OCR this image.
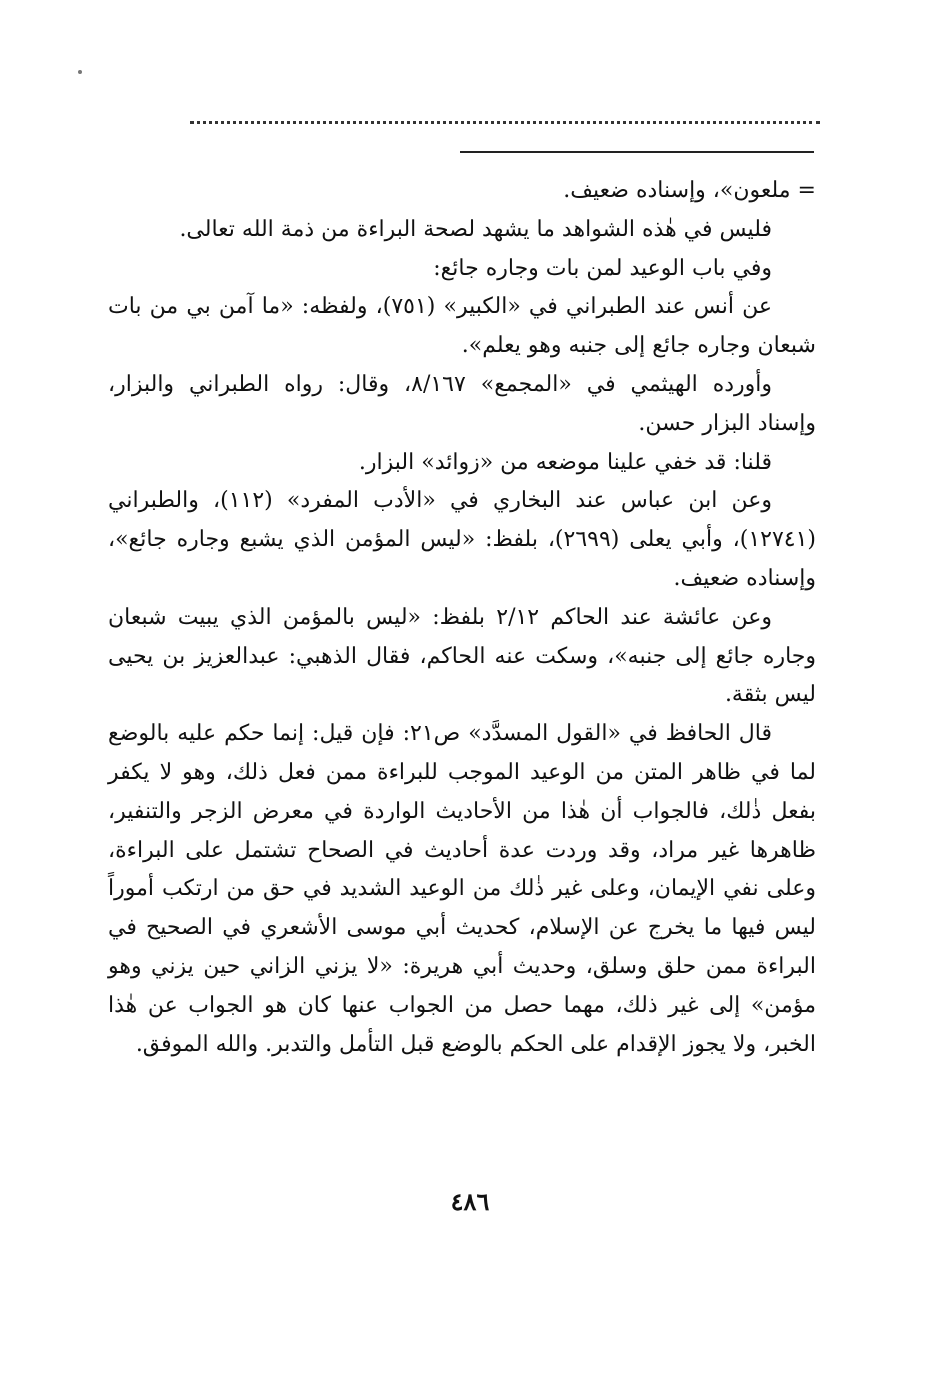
= ملعون»، وإسناده ضعيف.

فليس في هٰذه الشواهد ما يشهد لصحة البراءة من ذمة الله تعالى.

وفي باب الوعيد لمن بات وجاره جائع:

عن أنس عند الطبراني في «الكبير» (٧٥١)، ولفظه: «ما آمن بي من بات شبعان وجاره جائع إلى جنبه وهو يعلم».

وأورده الهيثمي في «المجمع» ٨/١٦٧، وقال: رواه الطبراني والبزار، وإسناد البزار حسن.

قلنا: قد خفي علينا موضعه من «زوائد» البزار.

وعن ابن عباس عند البخاري في «الأدب المفرد» (١١٢)، والطبراني (١٢٧٤١)، وأبي يعلى (٢٦٩٩)، بلفظ: «ليس المؤمن الذي يشبع وجاره جائع»، وإسناده ضعيف.

وعن عائشة عند الحاكم ٢/١٢ بلفظ: «ليس بالمؤمن الذي يبيت شبعان وجاره جائع إلى جنبه»، وسكت عنه الحاكم، فقال الذهبي: عبدالعزيز بن يحيى ليس بثقة.

قال الحافظ في «القول المسدَّد» ص٢١: فإن قيل: إنما حكم عليه بالوضع لما في ظاهر المتن من الوعيد الموجب للبراءة ممن فعل ذلك، وهو لا يكفر بفعل ذٰلك، فالجواب أن هٰذا من الأحاديث الواردة في معرض الزجر والتنفير، ظاهرها غير مراد، وقد وردت عدة أحاديث في الصحاح تشتمل على البراءة، وعلى نفي الإيمان، وعلى غير ذٰلك من الوعيد الشديد في حق من ارتكب أموراً ليس فيها ما يخرج عن الإسلام، كحديث أبي موسى الأشعري في الصحيح في البراءة ممن حلق وسلق، وحديث أبي هريرة: «لا يزني الزاني حين يزني وهو مؤمن» إلى غير ذلك، مهما حصل من الجواب عنها كان هو الجواب عن هٰذا الخبر، ولا يجوز الإقدام على الحكم بالوضع قبل التأمل والتدبر. والله الموفق.

٤٨٦
